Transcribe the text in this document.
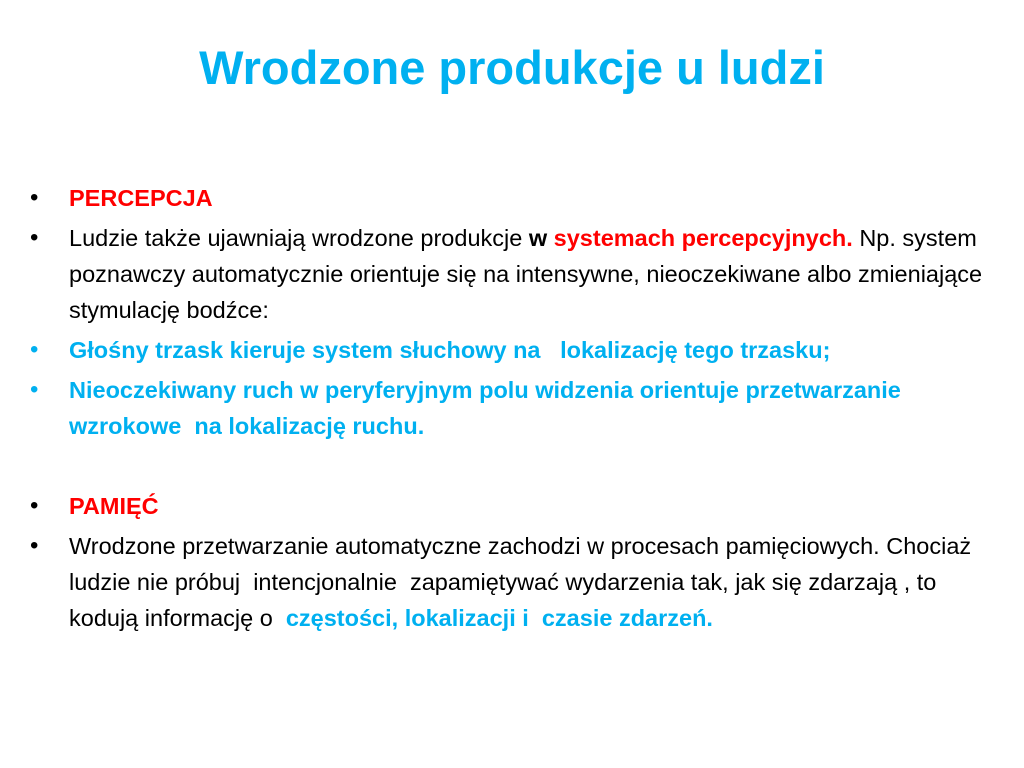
Wrodzone produkcje u ludzi
•	PERCEPCJA
•	Ludzie także ujawniają wrodzone produkcje w systemach percepcyjnych. Np. system poznawczy automatycznie orientuje się na intensywne, nieoczekiwane albo zmieniające stymulację bodźce:
•	Głośny trzask kieruje system słuchowy na   lokalizację tego trzasku;
•	Nieoczekiwany ruch w peryferyjnym polu widzenia orientuje przetwarzanie wzrokowe  na lokalizację ruchu.
•	PAMIĘĆ
•	Wrodzone przetwarzanie automatyczne zachodzi w procesach pamięciowych. Chociaż ludzie nie próbuj  intencjonalnie  zapamiętywać wydarzenia tak, jak się zdarzają , to kodują informację o  częstości, lokalizacji i  czasie zdarzeń.
